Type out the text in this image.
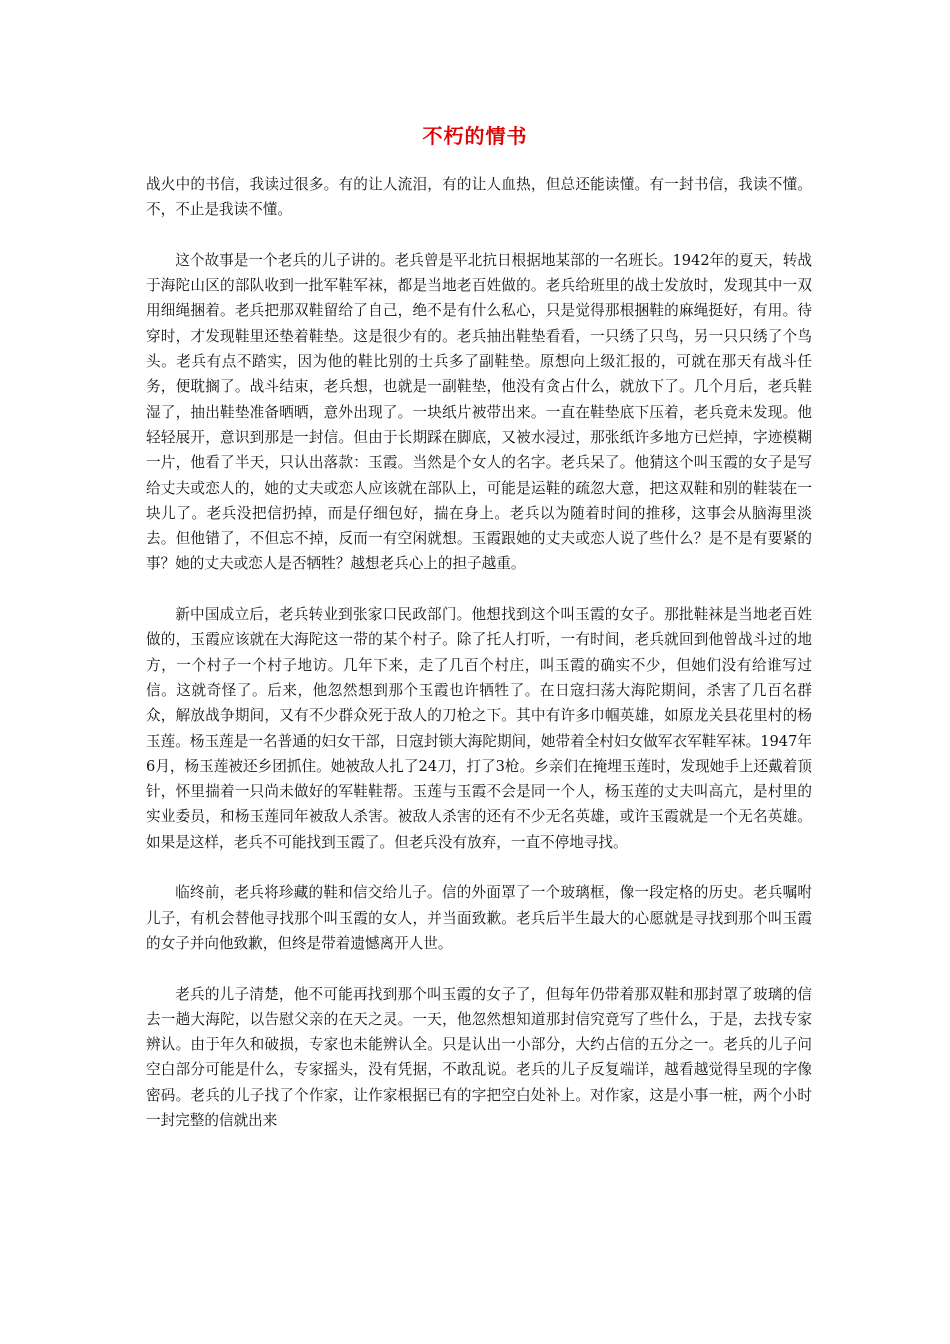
不朽的情书

战火中的书信，我读过很多。有的让人流泪，有的让人血热，但总还能读懂。有一封书信，我读不懂。不，不止是我读不懂。

这个故事是一个老兵的儿子讲的。老兵曾是平北抗日根据地某部的一名班长。1942年的夏天，转战于海陀山区的部队收到一批军鞋军袜，都是当地老百姓做的。老兵给班里的战士发放时，发现其中一双用细绳捆着。老兵把那双鞋留给了自己，绝不是有什么私心，只是觉得那根捆鞋的麻绳挺好，有用。待穿时，才发现鞋里还垫着鞋垫。这是很少有的。老兵抽出鞋垫看看，一只绣了只鸟，另一只只绣了个鸟头。老兵有点不踏实，因为他的鞋比别的士兵多了副鞋垫。原想向上级汇报的，可就在那天有战斗任务，便耽搁了。战斗结束，老兵想，也就是一副鞋垫，他没有贪占什么，就放下了。几个月后，老兵鞋湿了，抽出鞋垫准备晒晒，意外出现了。一块纸片被带出来。一直在鞋垫底下压着，老兵竟未发现。他轻轻展开，意识到那是一封信。但由于长期踩在脚底，又被水浸过，那张纸许多地方已烂掉，字迹模糊一片，他看了半天，只认出落款：玉霞。当然是个女人的名字。老兵呆了。他猜这个叫玉霞的女子是写给丈夫或恋人的，她的丈夫或恋人应该就在部队上，可能是运鞋的疏忽大意，把这双鞋和别的鞋装在一块儿了。老兵没把信扔掉，而是仔细包好，揣在身上。老兵以为随着时间的推移，这事会从脑海里淡去。但他错了，不但忘不掉，反而一有空闲就想。玉霞跟她的丈夫或恋人说了些什么？是不是有要紧的事？她的丈夫或恋人是否牺牲？越想老兵心上的担子越重。

新中国成立后，老兵转业到张家口民政部门。他想找到这个叫玉霞的女子。那批鞋袜是当地老百姓做的，玉霞应该就在大海陀这一带的某个村子。除了托人打听，一有时间，老兵就回到他曾战斗过的地方，一个村子一个村子地访。几年下来，走了几百个村庄，叫玉霞的确实不少，但她们没有给谁写过信。这就奇怪了。后来，他忽然想到那个玉霞也许牺牲了。在日寇扫荡大海陀期间，杀害了几百名群众，解放战争期间，又有不少群众死于敌人的刀枪之下。其中有许多巾帼英雄，如原龙关县花里村的杨玉莲。杨玉莲是一名普通的妇女干部，日寇封锁大海陀期间，她带着全村妇女做军衣军鞋军袜。1947年6月，杨玉莲被还乡团抓住。她被敌人扎了24刀，打了3枪。乡亲们在掩埋玉莲时，发现她手上还戴着顶针，怀里揣着一只尚未做好的军鞋鞋帮。玉莲与玉霞不会是同一个人，杨玉莲的丈夫叫高亢，是村里的实业委员，和杨玉莲同年被敌人杀害。被敌人杀害的还有不少无名英雄，或许玉霞就是一个无名英雄。如果是这样，老兵不可能找到玉霞了。但老兵没有放弃，一直不停地寻找。

临终前，老兵将珍藏的鞋和信交给儿子。信的外面罩了一个玻璃框，像一段定格的历史。老兵嘱咐儿子，有机会替他寻找那个叫玉霞的女人，并当面致歉。老兵后半生最大的心愿就是寻找到那个叫玉霞的女子并向他致歉，但终是带着遗憾离开人世。

老兵的儿子清楚，他不可能再找到那个叫玉霞的女子了，但每年仍带着那双鞋和那封罩了玻璃的信去一趟大海陀，以告慰父亲的在天之灵。一天，他忽然想知道那封信究竟写了些什么，于是，去找专家辨认。由于年久和破损，专家也未能辨认全。只是认出一小部分，大约占信的五分之一。老兵的儿子问空白部分可能是什么，专家摇头，没有凭据，不敢乱说。老兵的儿子反复端详，越看越觉得呈现的字像密码。老兵的儿子找了个作家，让作家根据已有的字把空白处补上。对作家，这是小事一桩，两个小时一封完整的信就出来
